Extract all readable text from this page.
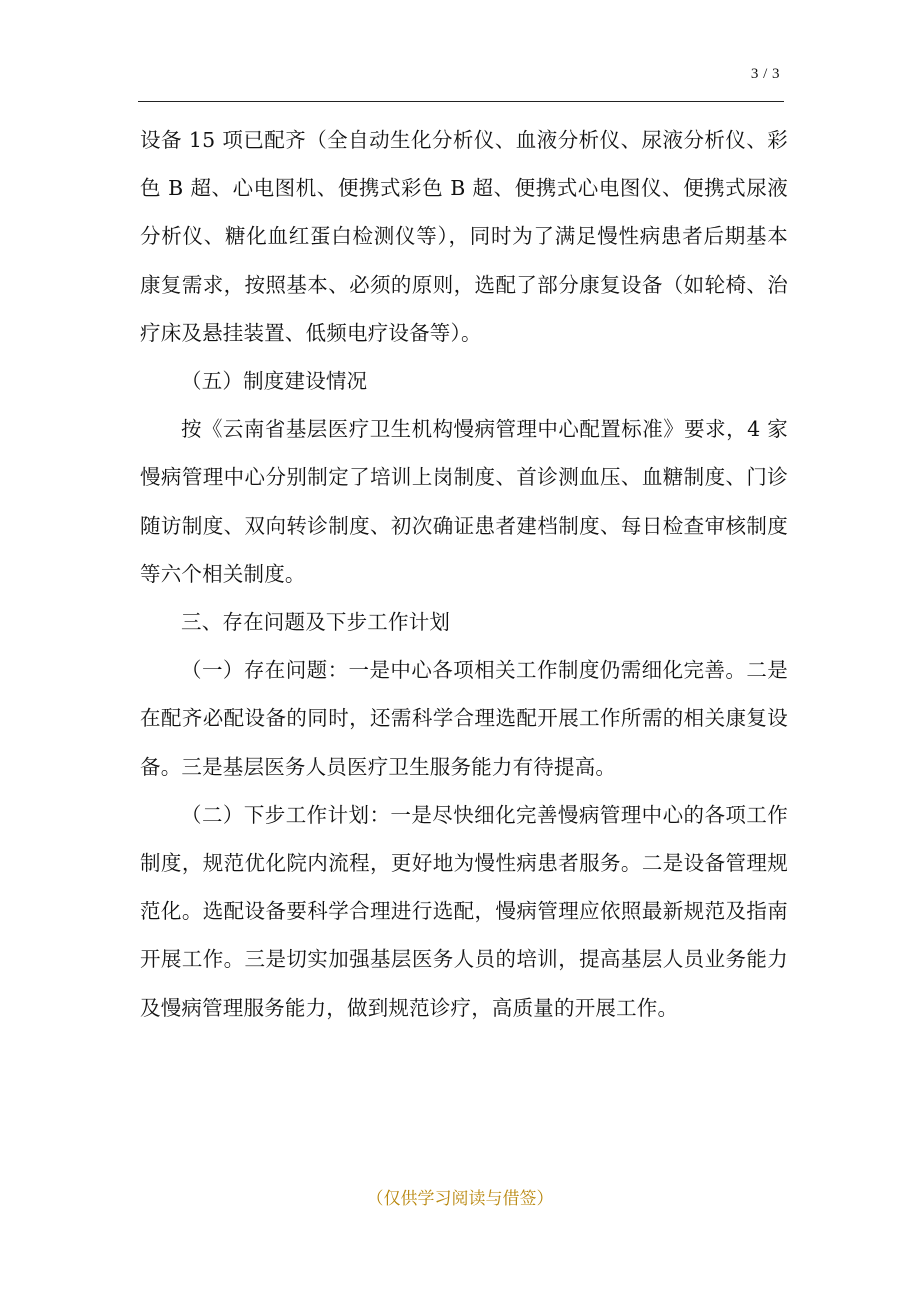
3 / 3

设备 15 项已配齐（全自动生化分析仪、血液分析仪、尿液分析仪、彩色 B 超、心电图机、便携式彩色 B 超、便携式心电图仪、便携式尿液分析仪、糖化血红蛋白检测仪等），同时为了满足慢性病患者后期基本康复需求，按照基本、必须的原则，选配了部分康复设备（如轮椅、治疗床及悬挂装置、低频电疗设备等）。

（五）制度建设情况

按《云南省基层医疗卫生机构慢病管理中心配置标准》要求，4 家慢病管理中心分别制定了培训上岗制度、首诊测血压、血糖制度、门诊随访制度、双向转诊制度、初次确证患者建档制度、每日检查审核制度等六个相关制度。

三、存在问题及下步工作计划

（一）存在问题：一是中心各项相关工作制度仍需细化完善。二是在配齐必配设备的同时，还需科学合理选配开展工作所需的相关康复设备。三是基层医务人员医疗卫生服务能力有待提高。

（二）下步工作计划：一是尽快细化完善慢病管理中心的各项工作制度，规范优化院内流程，更好地为慢性病患者服务。二是设备管理规范化。选配设备要科学合理进行选配，慢病管理应依照最新规范及指南开展工作。三是切实加强基层医务人员的培训，提高基层人员业务能力及慢病管理服务能力，做到规范诊疗，高质量的开展工作。

（仅供学习阅读与借签）
